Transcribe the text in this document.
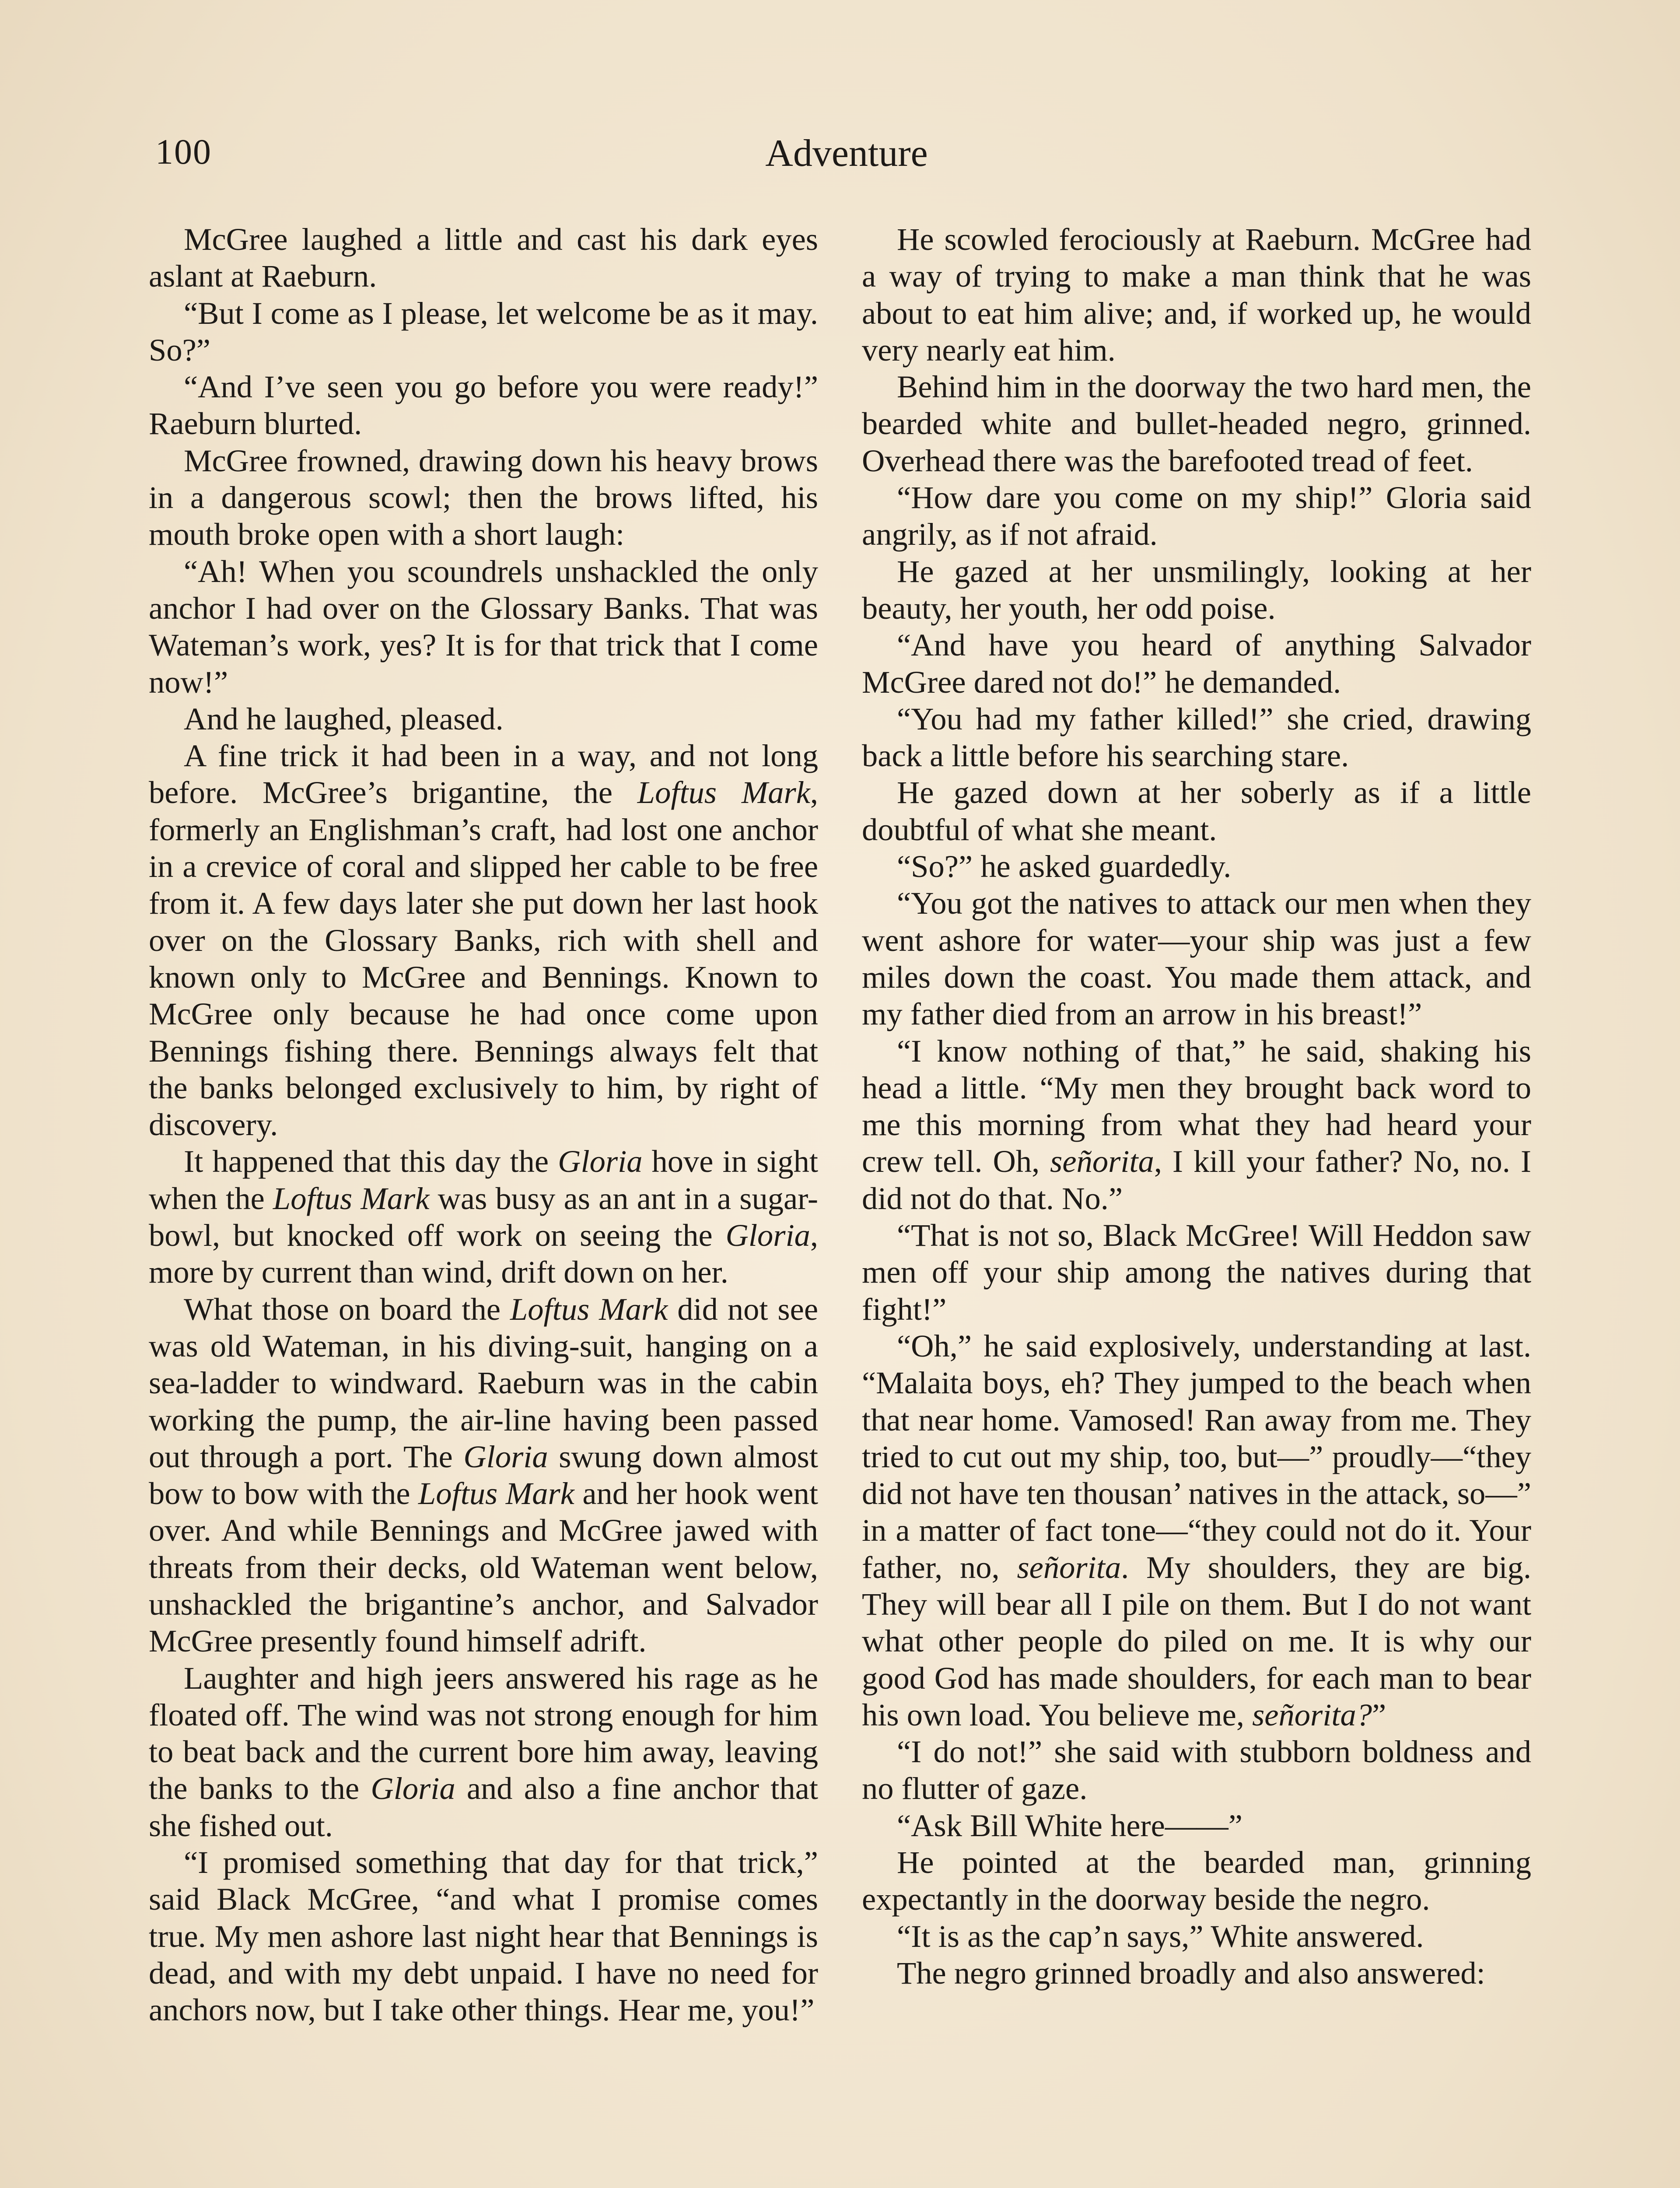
100	Adventure

McGree laughed a little and cast his dark eyes aslant at Raeburn.

“But I come as I please, let welcome be as it may. So?”

“And I’ve seen you go before you were ready!” Raeburn blurted.

McGree frowned, drawing down his heavy brows in a dangerous scowl; then the brows lifted, his mouth broke open with a short laugh:

“Ah! When you scoundrels unshackled the only anchor I had over on the Glossary Banks. That was Wateman’s work, yes? It is for that trick that I come now!”

And he laughed, pleased.

A fine trick it had been in a way, and not long before. McGree’s brigantine, the Loftus Mark, formerly an Englishman’s craft, had lost one anchor in a crevice of coral and slipped her cable to be free from it. A few days later she put down her last hook over on the Glossary Banks, rich with shell and known only to McGree and Bennings. Known to McGree only because he had once come upon Bennings fishing there. Bennings always felt that the banks belonged exclusively to him, by right of discovery.

It happened that this day the Gloria hove in sight when the Loftus Mark was busy as an ant in a sugar-bowl, but knocked off work on seeing the Gloria, more by current than wind, drift down on her.

What those on board the Loftus Mark did not see was old Wateman, in his diving-suit, hanging on a sea-ladder to windward. Raeburn was in the cabin working the pump, the air-line having been passed out through a port. The Gloria swung down almost bow to bow with the Loftus Mark and her hook went over. And while Bennings and McGree jawed with threats from their decks, old Wateman went below, unshackled the brigantine’s anchor, and Salvador McGree presently found himself adrift.

Laughter and high jeers answered his rage as he floated off. The wind was not strong enough for him to beat back and the current bore him away, leaving the banks to the Gloria and also a fine anchor that she fished out.

“I promised something that day for that trick,” said Black McGree, “and what I promise comes true. My men ashore last night hear that Bennings is dead, and with my debt unpaid. I have no need for anchors now, but I take other things. Hear me, you!”

He scowled ferociously at Raeburn. McGree had a way of trying to make a man think that he was about to eat him alive; and, if worked up, he would very nearly eat him.

Behind him in the doorway the two hard men, the bearded white and bullet-headed negro, grinned. Overhead there was the barefooted tread of feet.

“How dare you come on my ship!” Gloria said angrily, as if not afraid.

He gazed at her unsmilingly, looking at her beauty, her youth, her odd poise.

“And have you heard of anything Salvador McGree dared not do!” he demanded.

“You had my father killed!” she cried, drawing back a little before his searching stare.

He gazed down at her soberly as if a little doubtful of what she meant.

“So?” he asked guardedly.

“You got the natives to attack our men when they went ashore for water—your ship was just a few miles down the coast. You made them attack, and my father died from an arrow in his breast!”

“I know nothing of that,” he said, shaking his head a little. “My men they brought back word to me this morning from what they had heard your crew tell. Oh, señorita, I kill your father? No, no. I did not do that. No.”

“That is not so, Black McGree! Will Heddon saw men off your ship among the natives during that fight!”

“Oh,” he said explosively, understanding at last. “Malaita boys, eh? They jumped to the beach when that near home. Vamosed! Ran away from me. They tried to cut out my ship, too, but—” proudly—“they did not have ten thousan’ natives in the attack, so—” in a matter of fact tone—“they could not do it. Your father, no, señorita. My shoulders, they are big. They will bear all I pile on them. But I do not want what other people do piled on me. It is why our good God has made shoulders, for each man to bear his own load. You believe me, señorita?”

“I do not!” she said with stubborn boldness and no flutter of gaze.

“Ask Bill White here——”

He pointed at the bearded man, grinning expectantly in the doorway beside the negro.

“It is as the cap’n says,” White answered.

The negro grinned broadly and also answered:
